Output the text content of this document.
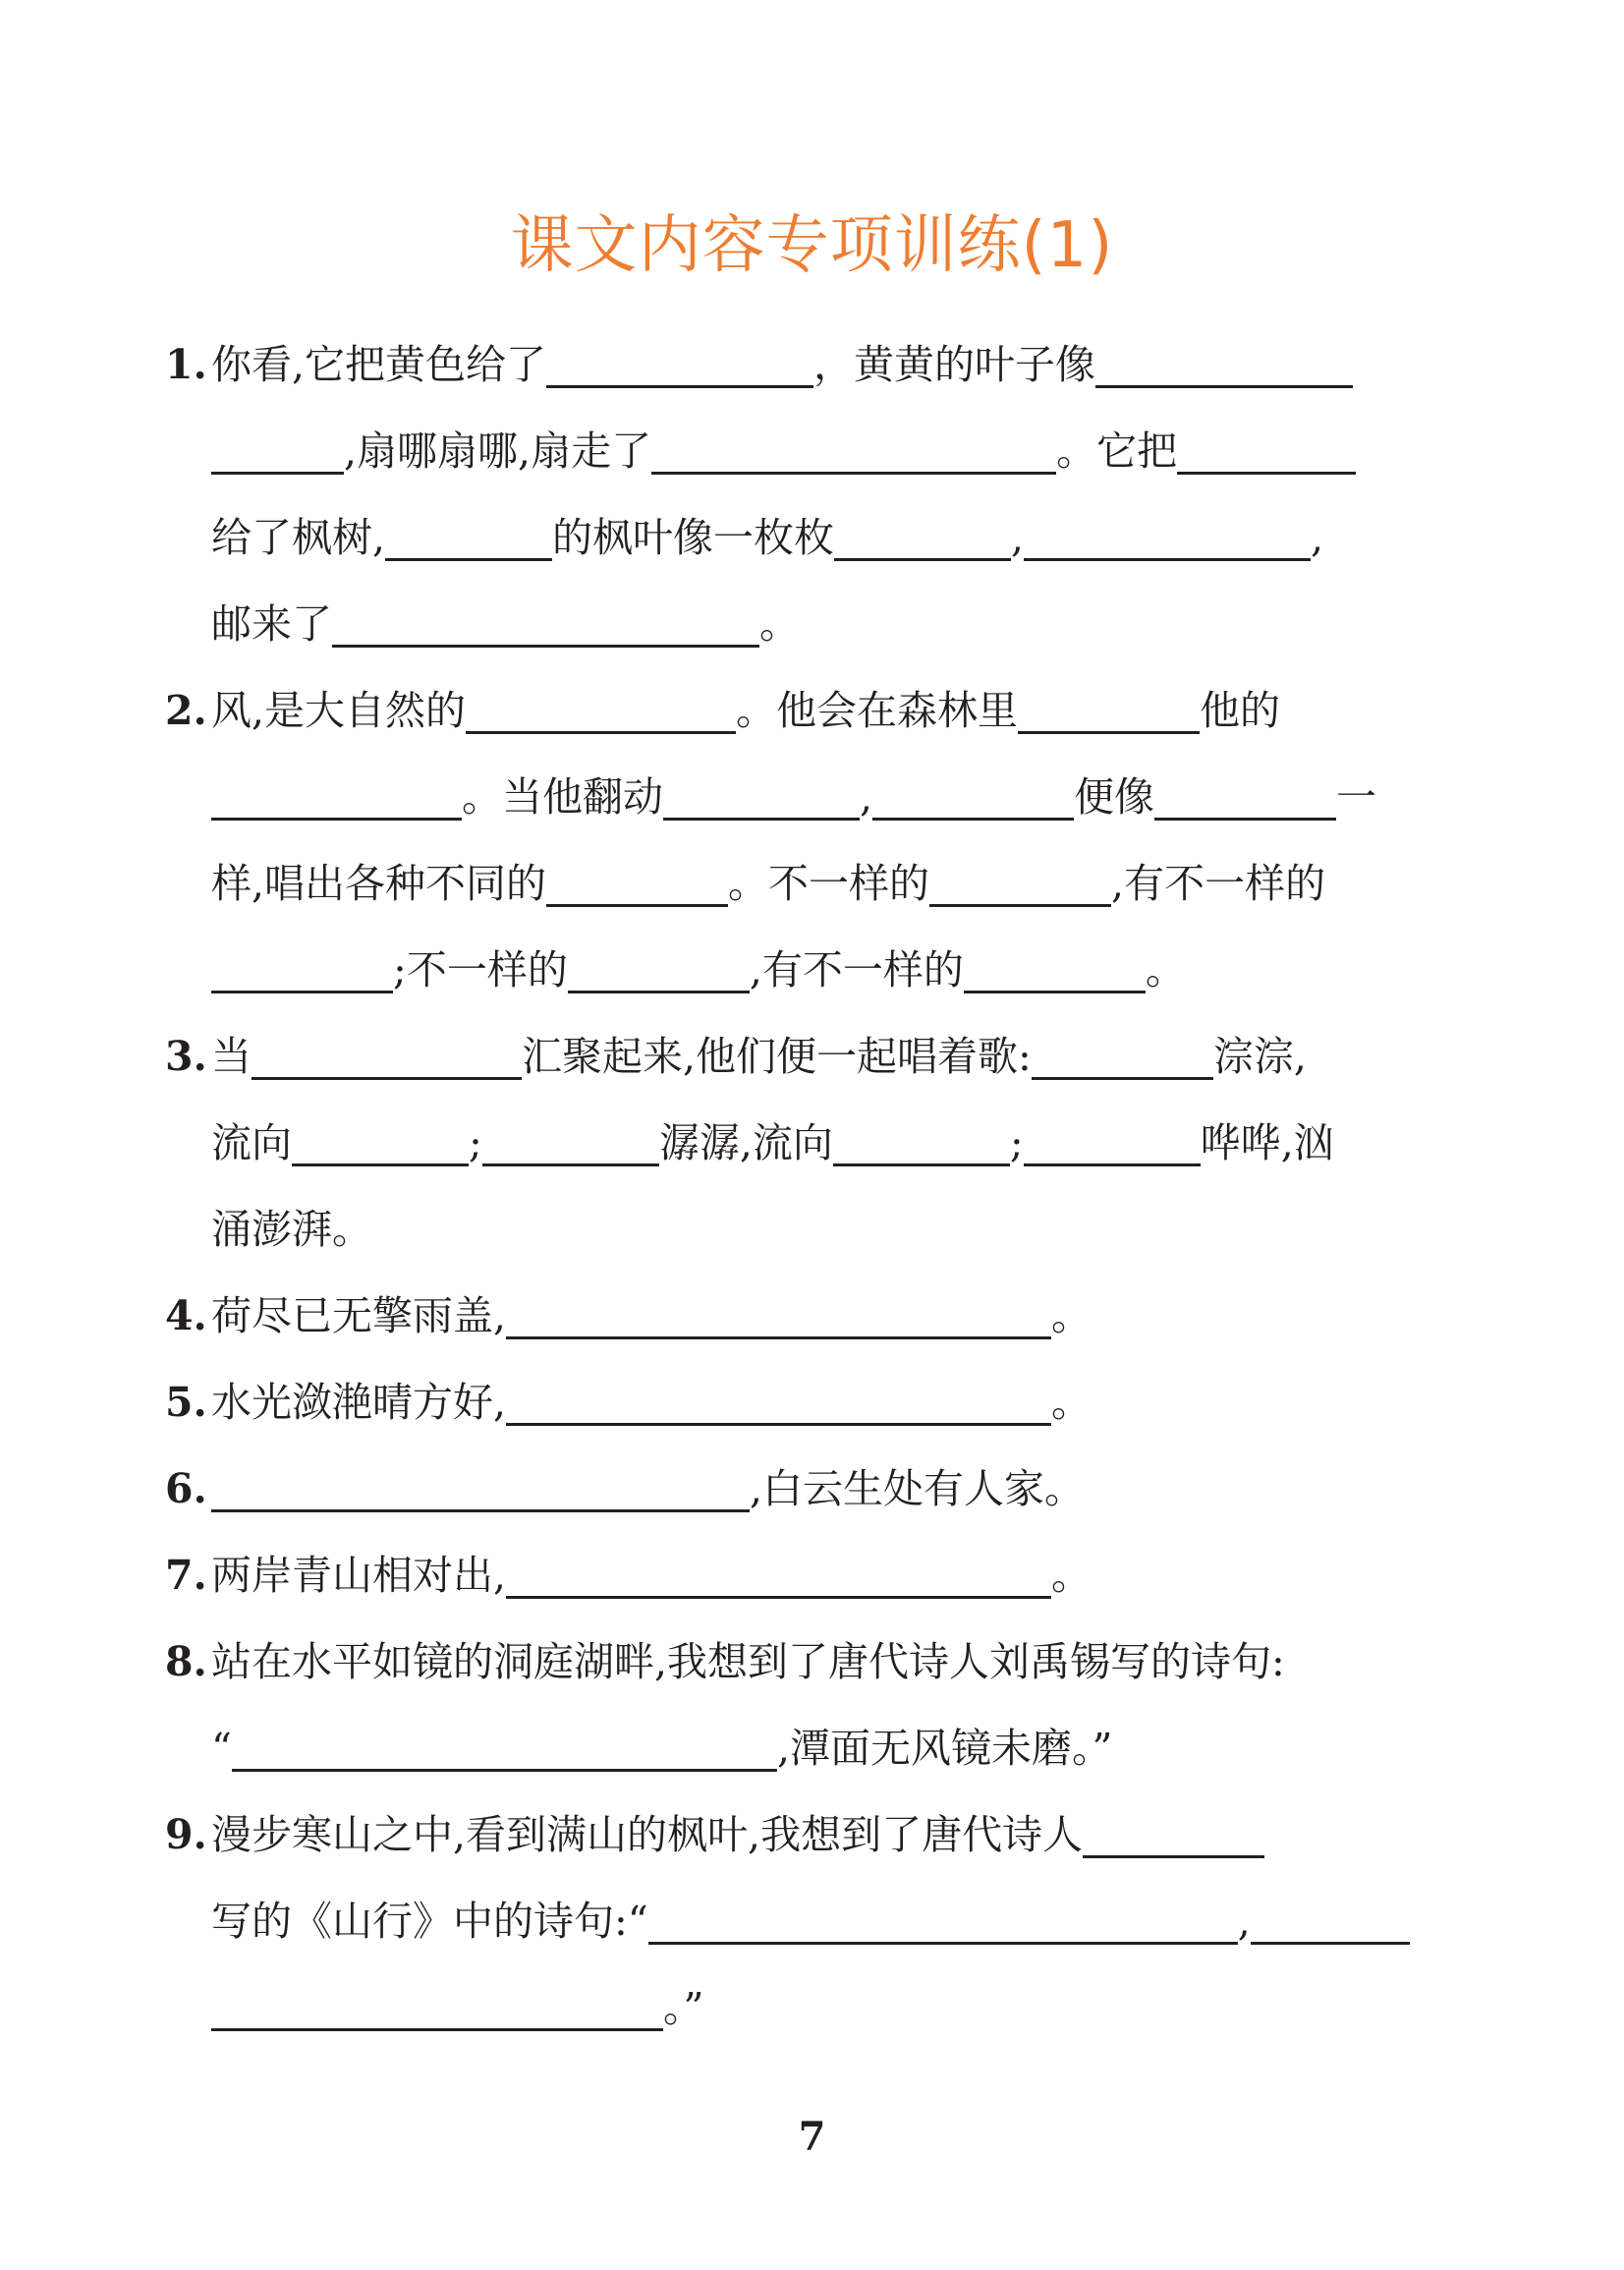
课文内容专项训练(1)
1. 你看,它把黄色给了	，黄黄的叶子像
,扇哪扇哪,扇走了	。它把
给了枫树,	的枫叶像一枚枚	,	,
邮来了	。
2. 风,是大自然的	。他会在森林里	他的
。当他翻动	,	便像	一
样,唱出各种不同的	。不一样的	,有不一样的
;不一样的	,有不一样的	。
3. 当	汇聚起来,他们便一起唱着歌:	淙淙,
流向	;	潺潺,流向	;	哗哗,汹
涌澎湃。
4. 荷尽已无擎雨盖,	。
5. 水光潋滟晴方好,	。
6.	,白云生处有人家。
7. 两岸青山相对出,	。
8. 站在水平如镜的洞庭湖畔,我想到了唐代诗人刘禹锡写的诗句:
“	,潭面无风镜未磨。”
9. 漫步寒山之中,看到满山的枫叶,我想到了唐代诗人
写的《山行》中的诗句:“	,
。”
7
